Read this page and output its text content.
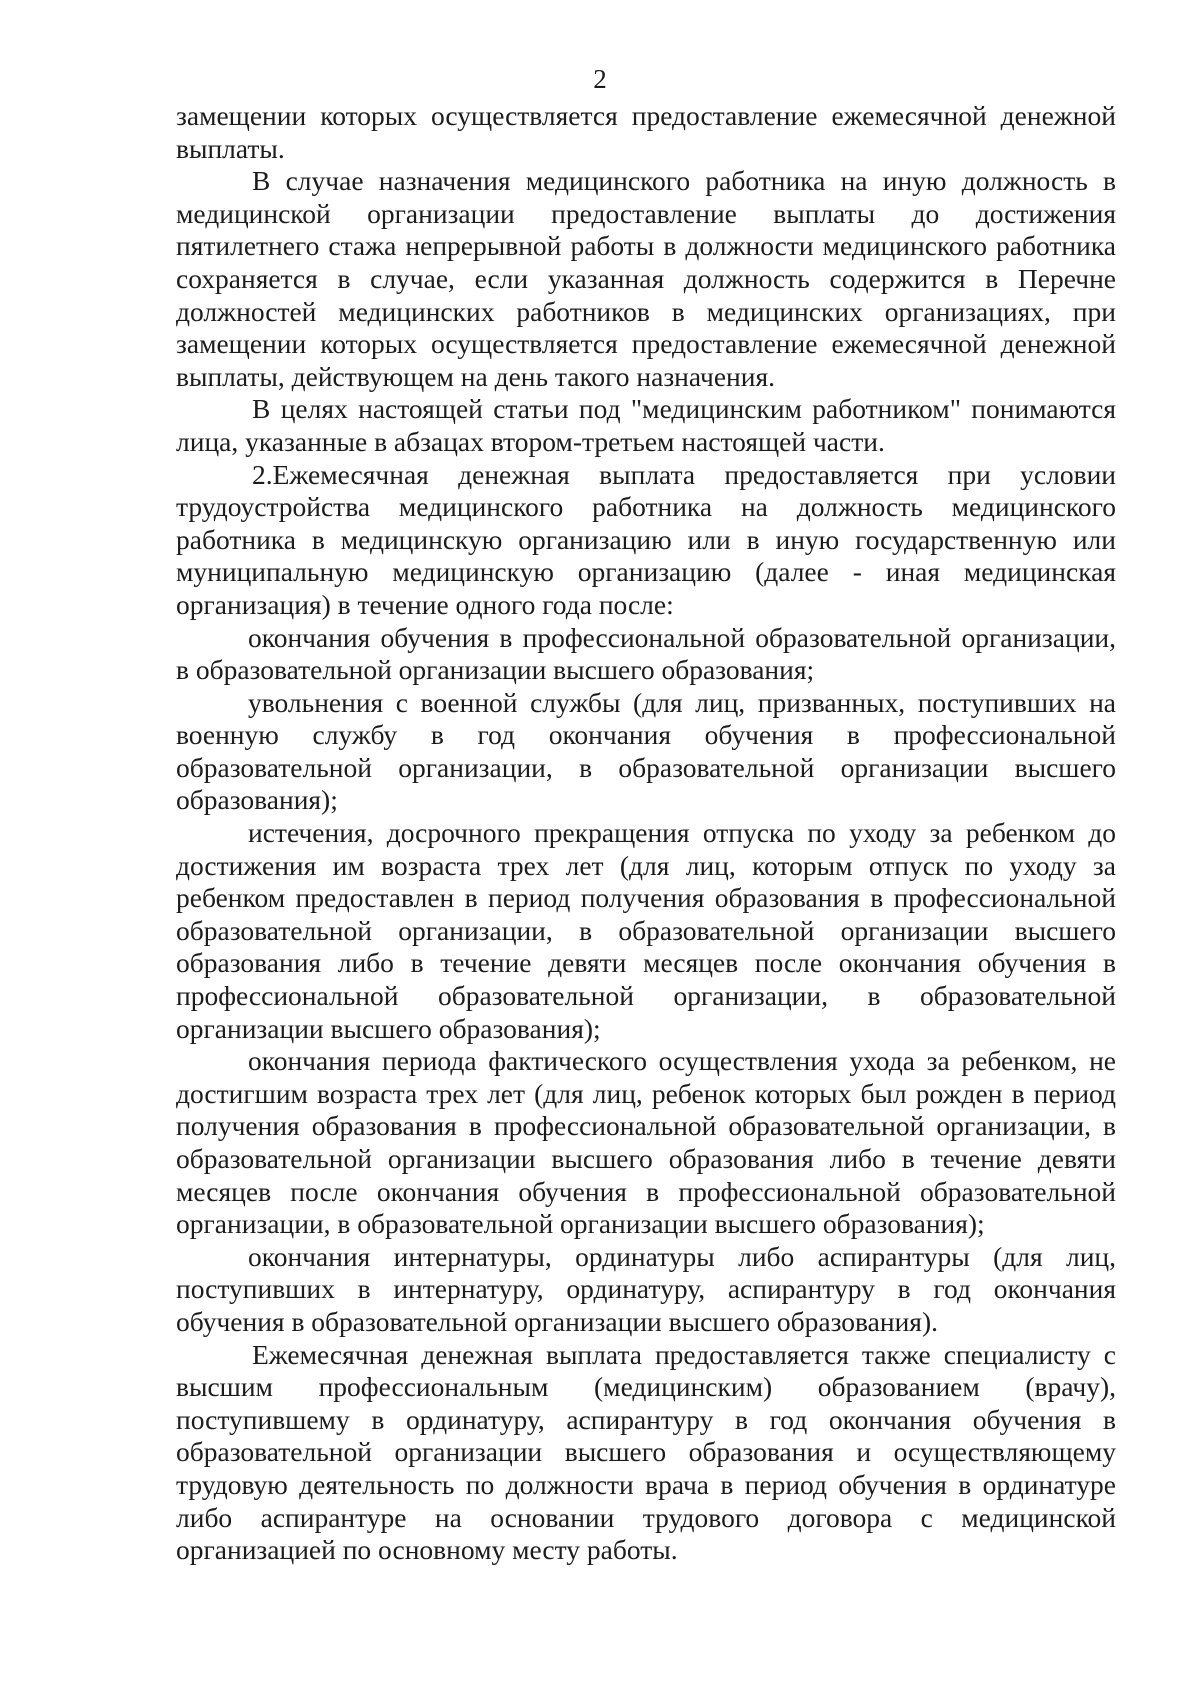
2

замещении которых осуществляется предоставление ежемесячной денежной выплаты.

В случае назначения медицинского работника на иную должность в медицинской организации предоставление выплаты до достижения пятилетнего стажа непрерывной работы в должности медицинского работника сохраняется в случае, если указанная должность содержится в Перечне должностей медицинских работников в медицинских организациях, при замещении которых осуществляется предоставление ежемесячной денежной выплаты, действующем на день такого назначения.

В целях настоящей статьи под "медицинским работником" понимаются лица, указанные в абзацах втором-третьем настоящей части.

2.Ежемесячная денежная выплата предоставляется при условии трудоустройства медицинского работника на должность медицинского работника в медицинскую организацию или в иную государственную или муниципальную медицинскую организацию (далее - иная медицинская организация) в течение одного года после:

окончания обучения в профессиональной образовательной организации, в образовательной организации высшего образования;

увольнения с военной службы (для лиц, призванных, поступивших на военную службу в год окончания обучения в профессиональной образовательной организации, в образовательной организации высшего образования);

истечения, досрочного прекращения отпуска по уходу за ребенком до достижения им возраста трех лет (для лиц, которым отпуск по уходу за ребенком предоставлен в период получения образования в профессиональной образовательной организации, в образовательной организации высшего образования либо в течение девяти месяцев после окончания обучения в профессиональной образовательной организации, в образовательной организации высшего образования);

окончания периода фактического осуществления ухода за ребенком, не достигшим возраста трех лет (для лиц, ребенок которых был рожден в период получения образования в профессиональной образовательной организации, в образовательной организации высшего образования либо в течение девяти месяцев после окончания обучения в профессиональной образовательной организации, в образовательной организации высшего образования);

окончания интернатуры, ординатуры либо аспирантуры (для лиц, поступивших в интернатуру, ординатуру, аспирантуру в год окончания обучения в образовательной организации высшего образования).

Ежемесячная денежная выплата предоставляется также специалисту с высшим профессиональным (медицинским) образованием (врачу), поступившему в ординатуру, аспирантуру в год окончания обучения в образовательной организации высшего образования и осуществляющему трудовую деятельность по должности врача в период обучения в ординатуре либо аспирантуре на основании трудового договора с медицинской организацией по основному месту работы.
